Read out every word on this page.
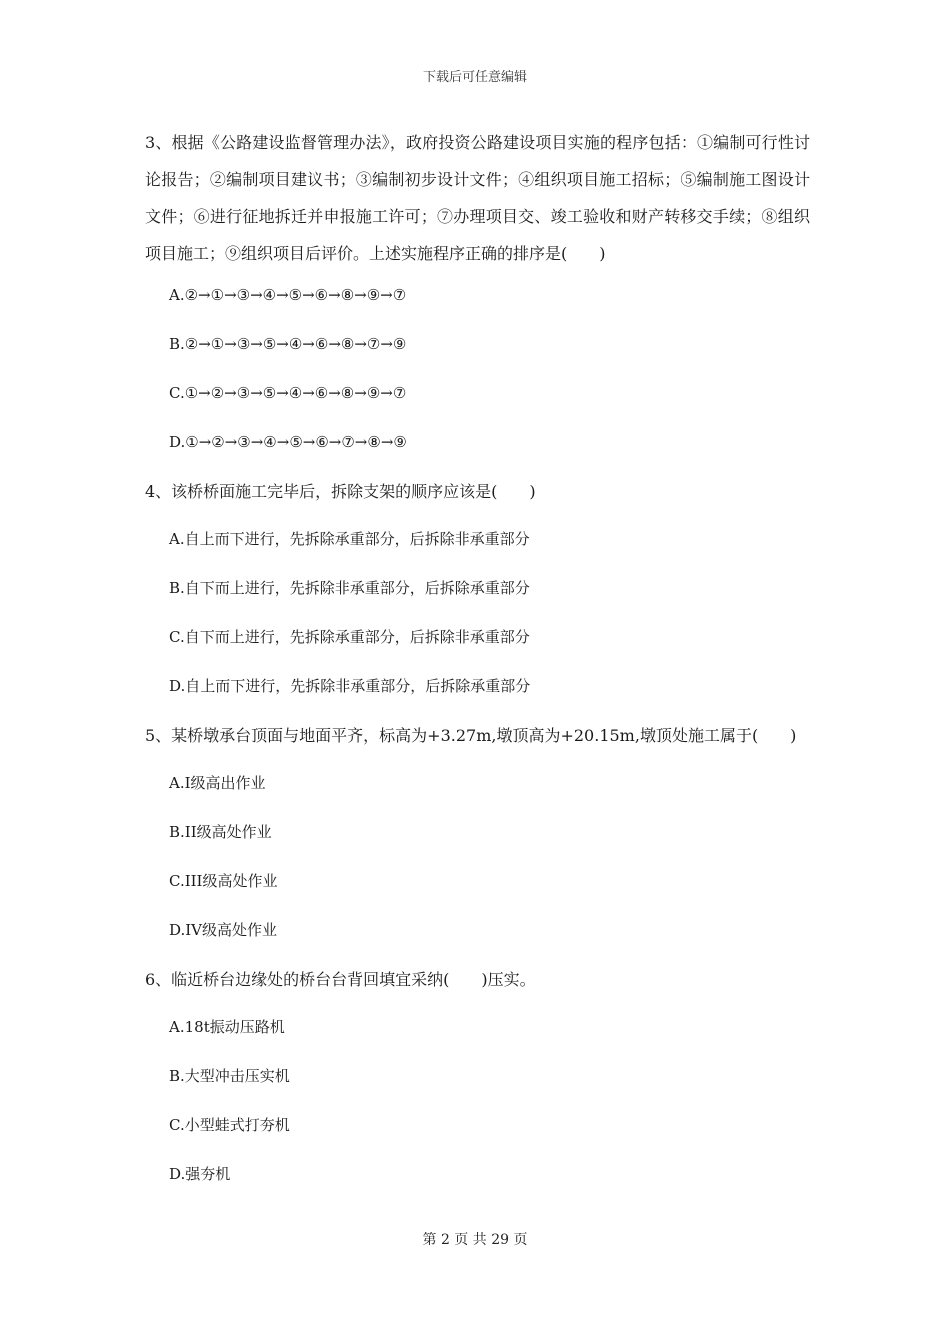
下载后可任意编辑

3、根据《公路建设监督管理办法》，政府投资公路建设项目实施的程序包括：①编制可行性讨论报告；②编制项目建议书；③编制初步设计文件；④组织项目施工招标；⑤编制施工图设计文件；⑥进行征地拆迁并申报施工许可；⑦办理项目交、竣工验收和财产转移交手续；⑧组织项目施工；⑨组织项目后评价。上述实施程序正确的排序是(　　)

A.②→①→③→④→⑤→⑥→⑧→⑨→⑦
B.②→①→③→⑤→④→⑥→⑧→⑦→⑨
C.①→②→③→⑤→④→⑥→⑧→⑨→⑦
D.①→②→③→④→⑤→⑥→⑦→⑧→⑨

4、该桥桥面施工完毕后，拆除支架的顺序应该是(　　)

A.自上而下进行，先拆除承重部分，后拆除非承重部分
B.自下而上进行，先拆除非承重部分，后拆除承重部分
C.自下而上进行，先拆除承重部分，后拆除非承重部分
D.自上而下进行，先拆除非承重部分，后拆除承重部分

5、某桥墩承台顶面与地面平齐，标高为+3.27m,墩顶高为+20.15m,墩顶处施工属于(　　)

A.I级高出作业
B.II级高处作业
C.III级高处作业
D.IV级高处作业

6、临近桥台边缘处的桥台台背回填宜采纳(　　)压实。

A.18t振动压路机
B.大型冲击压实机
C.小型蛙式打夯机
D.强夯机
第 2 页 共 29 页
